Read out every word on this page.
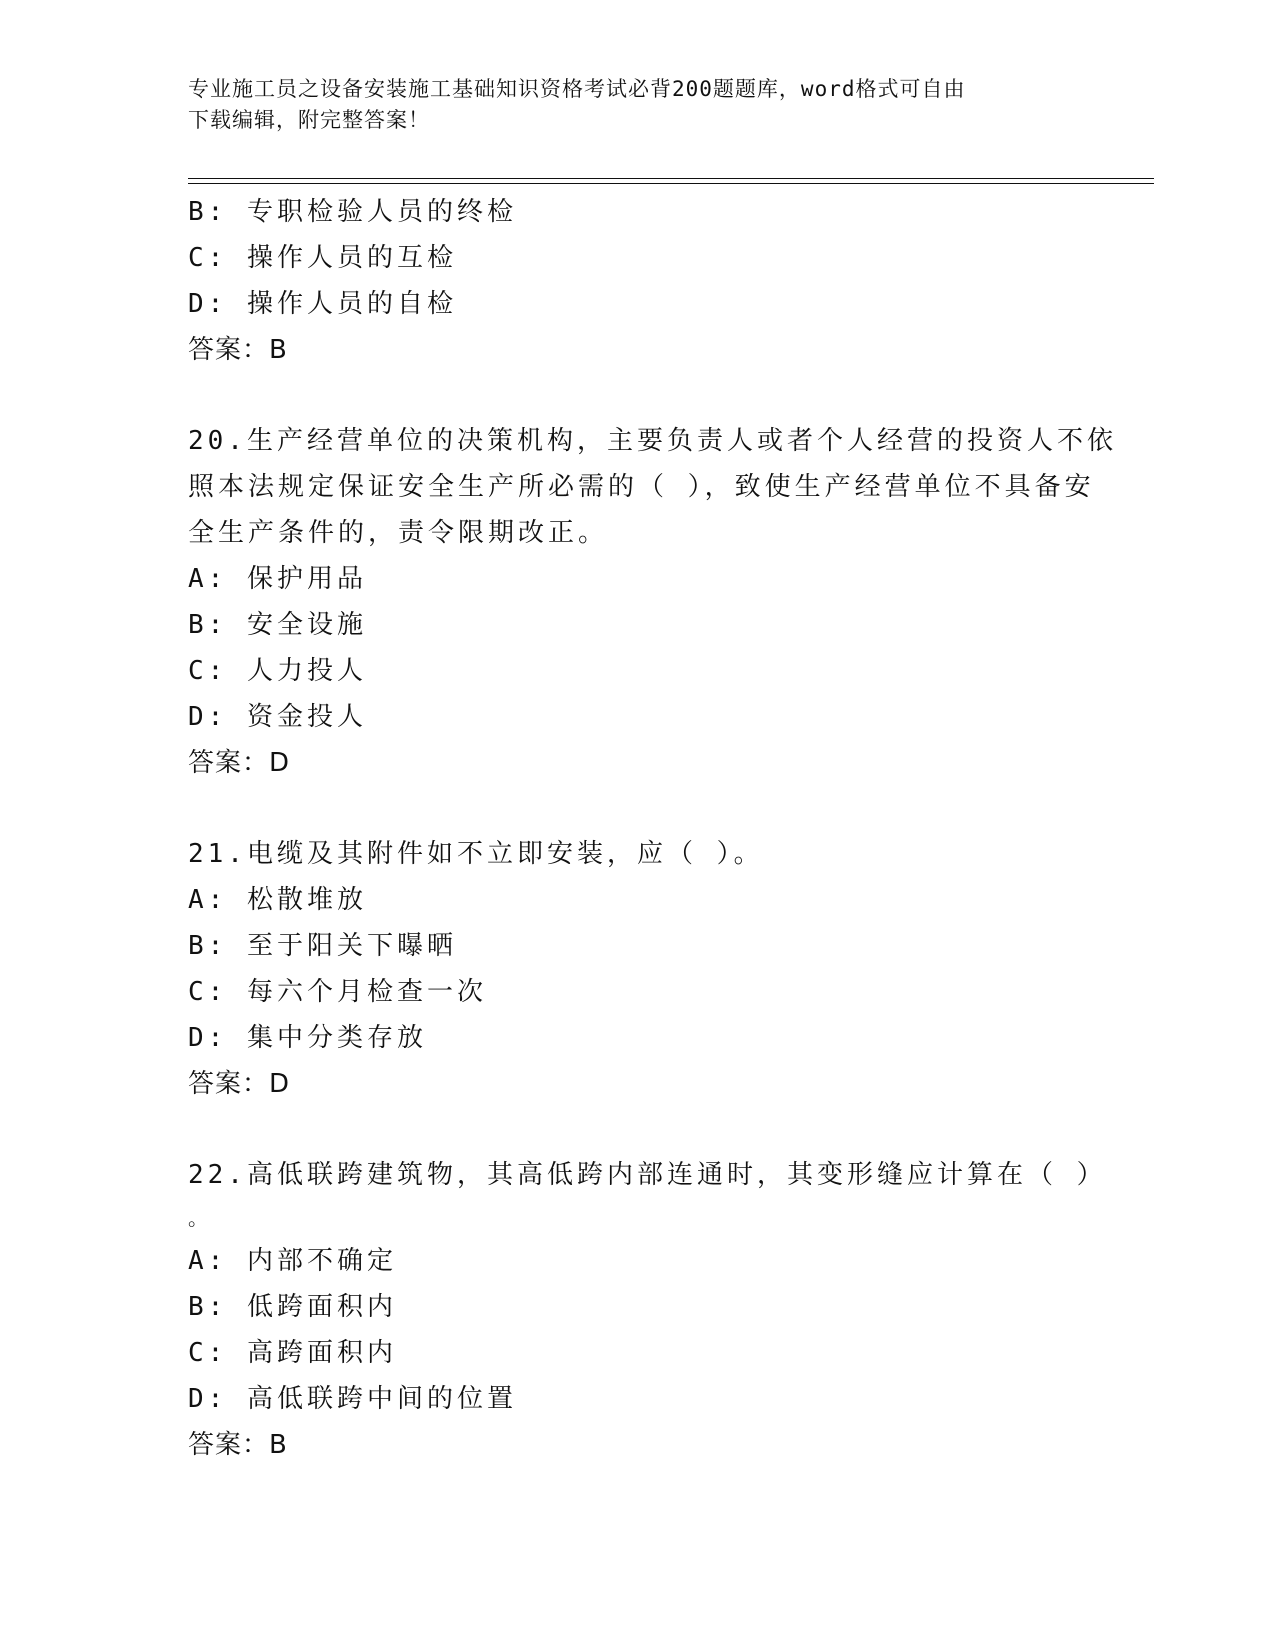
专业施工员之设备安装施工基础知识资格考试必背200题题库，word格式可自由
下载编辑，附完整答案！
B: 专职检验人员的终检
C: 操作人员的互检
D: 操作人员的自检
答案：B
20.生产经营单位的决策机构，主要负责人或者个人经营的投资人不依
照本法规定保证安全生产所必需的（ ），致使生产经营单位不具备安
全生产条件的，责令限期改正。
A: 保护用品
B: 安全设施
C: 人力投人
D: 资金投人
答案：D
21.电缆及其附件如不立即安装，应（ ）。
A: 松散堆放
B: 至于阳关下曝晒
C: 每六个月检查一次
D: 集中分类存放
答案：D
22.高低联跨建筑物，其高低跨内部连通时，其变形缝应计算在（ ）
。
A: 内部不确定
B: 低跨面积内
C: 高跨面积内
D: 高低联跨中间的位置
答案：B
